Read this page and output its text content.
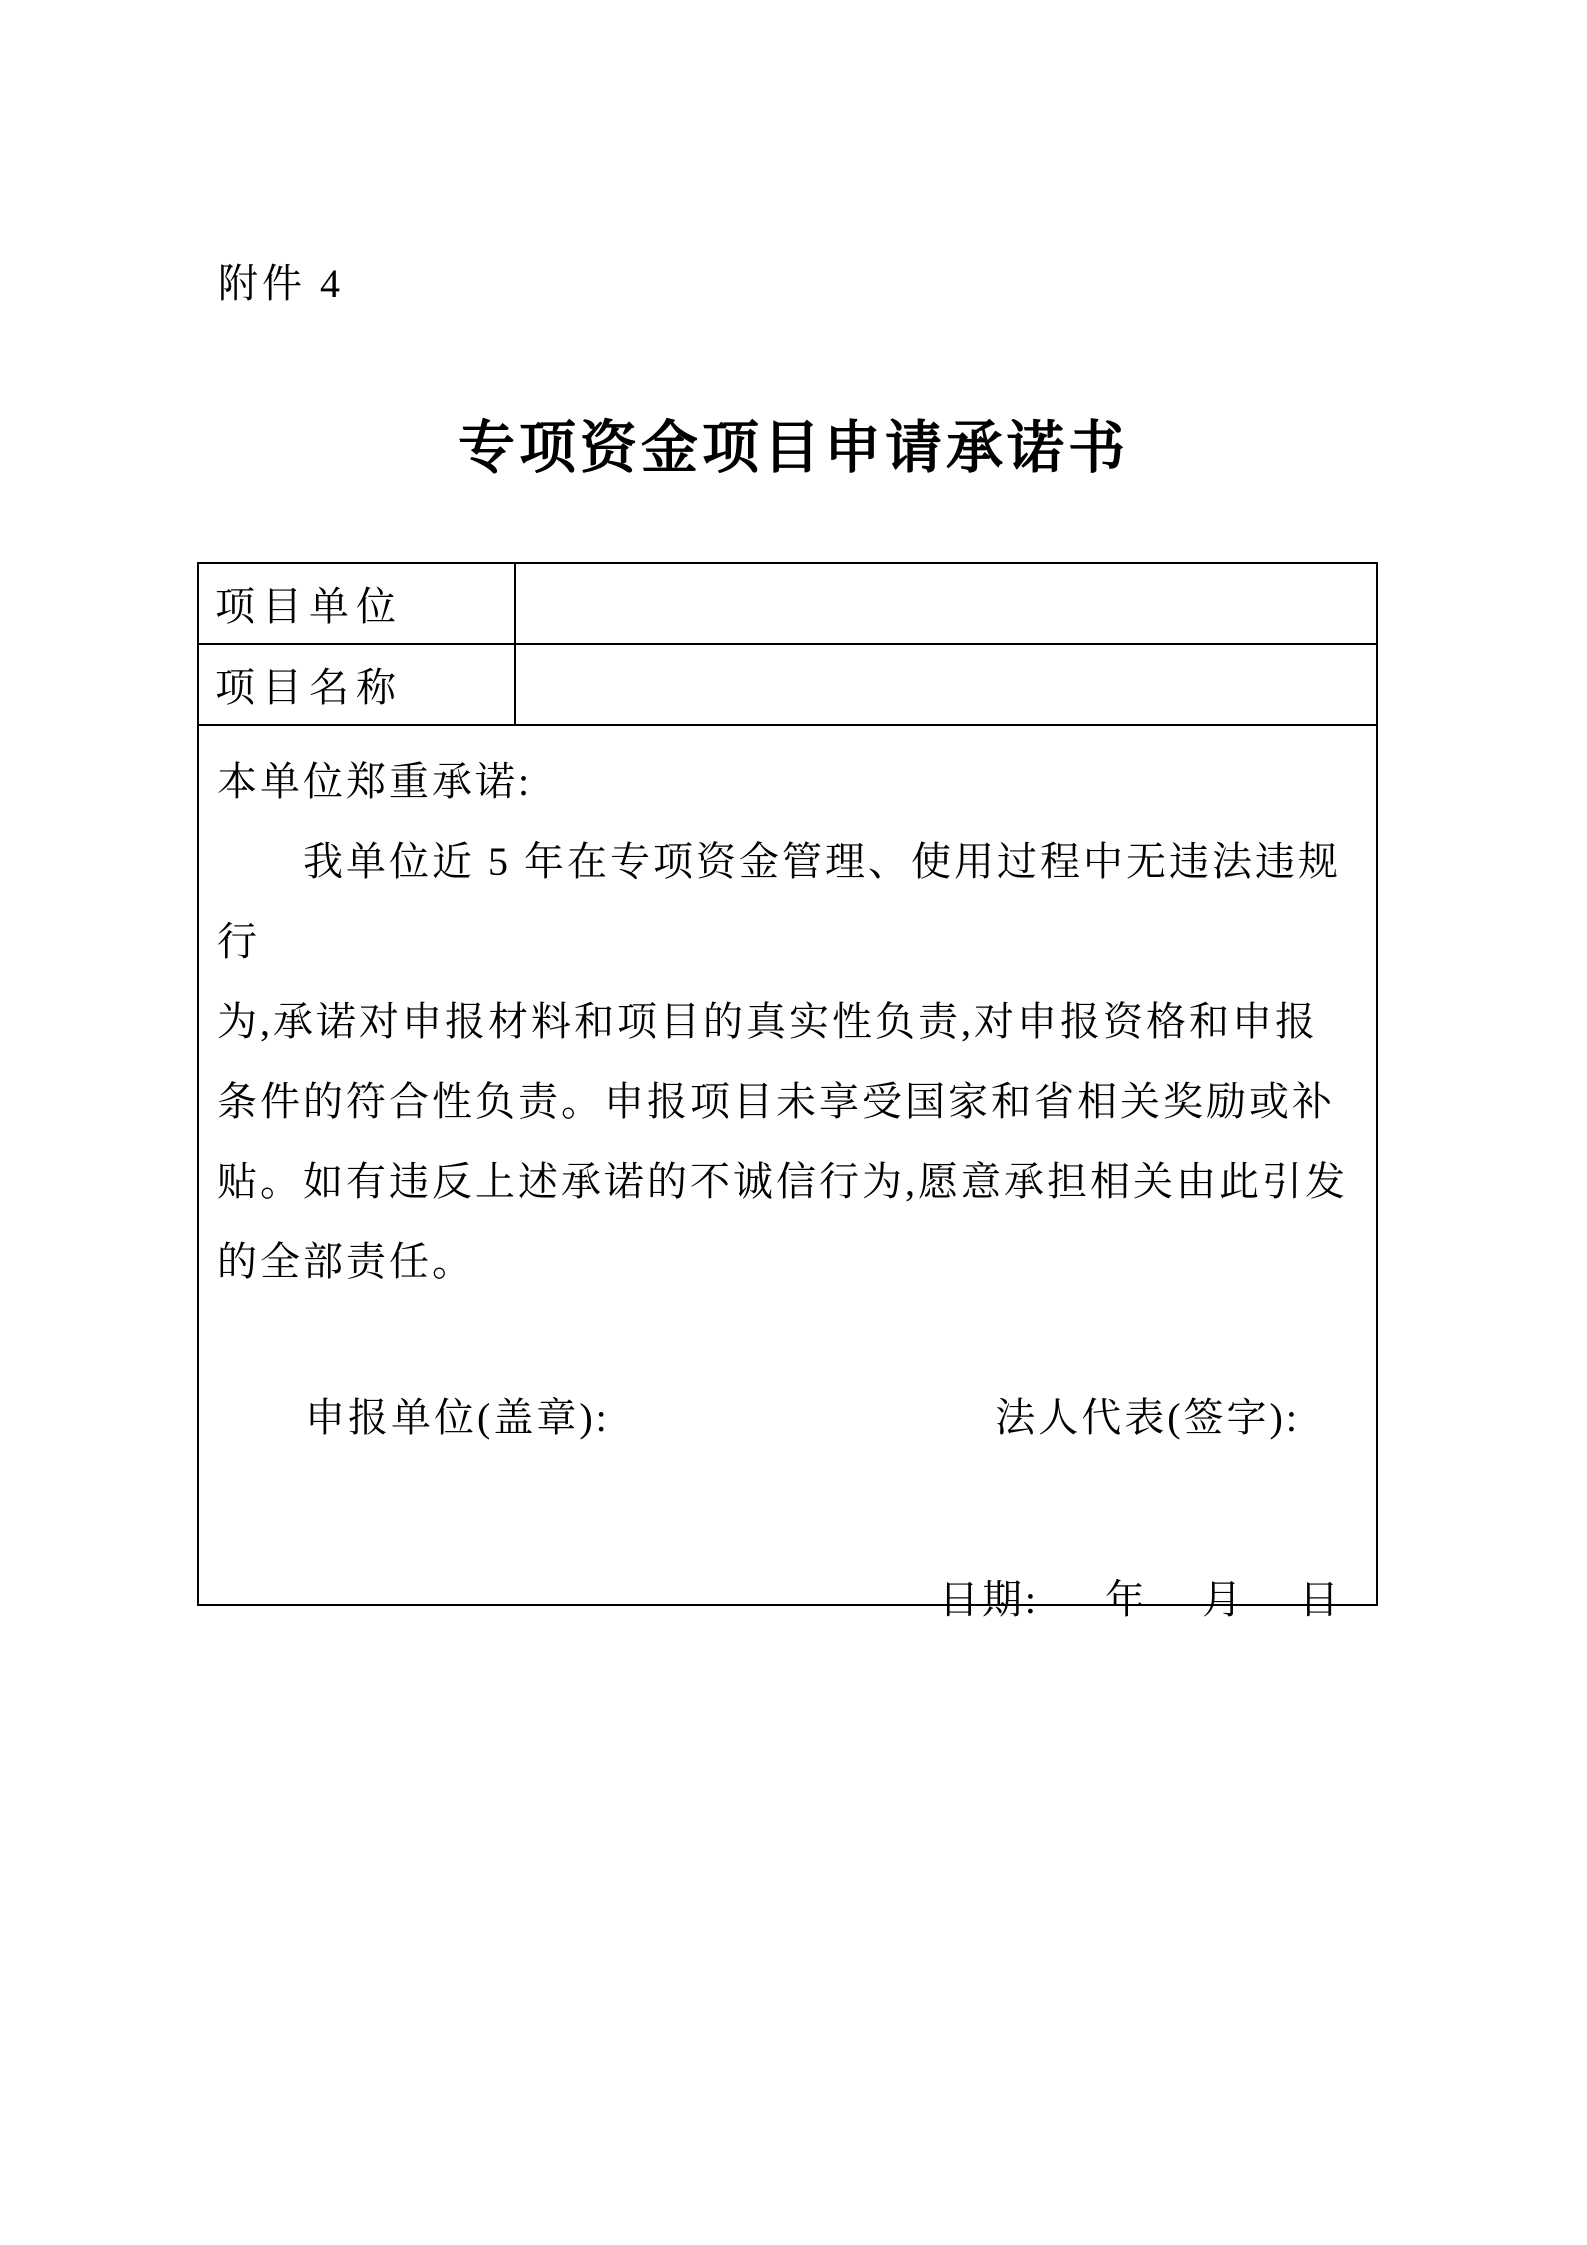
附件 4
专项资金项目申请承诺书
项目单位
项目名称
本单位郑重承诺:
我单位近 5 年在专项资金管理、使用过程中无违法违规行
为,承诺对申报材料和项目的真实性负责,对申报资格和申报
条件的符合性负责。申报项目未享受国家和省相关奖励或补
贴。如有违反上述承诺的不诚信行为,愿意承担相关由此引发
的全部责任。
申报单位(盖章):	法人代表(签字):
日期: 年 月 日
